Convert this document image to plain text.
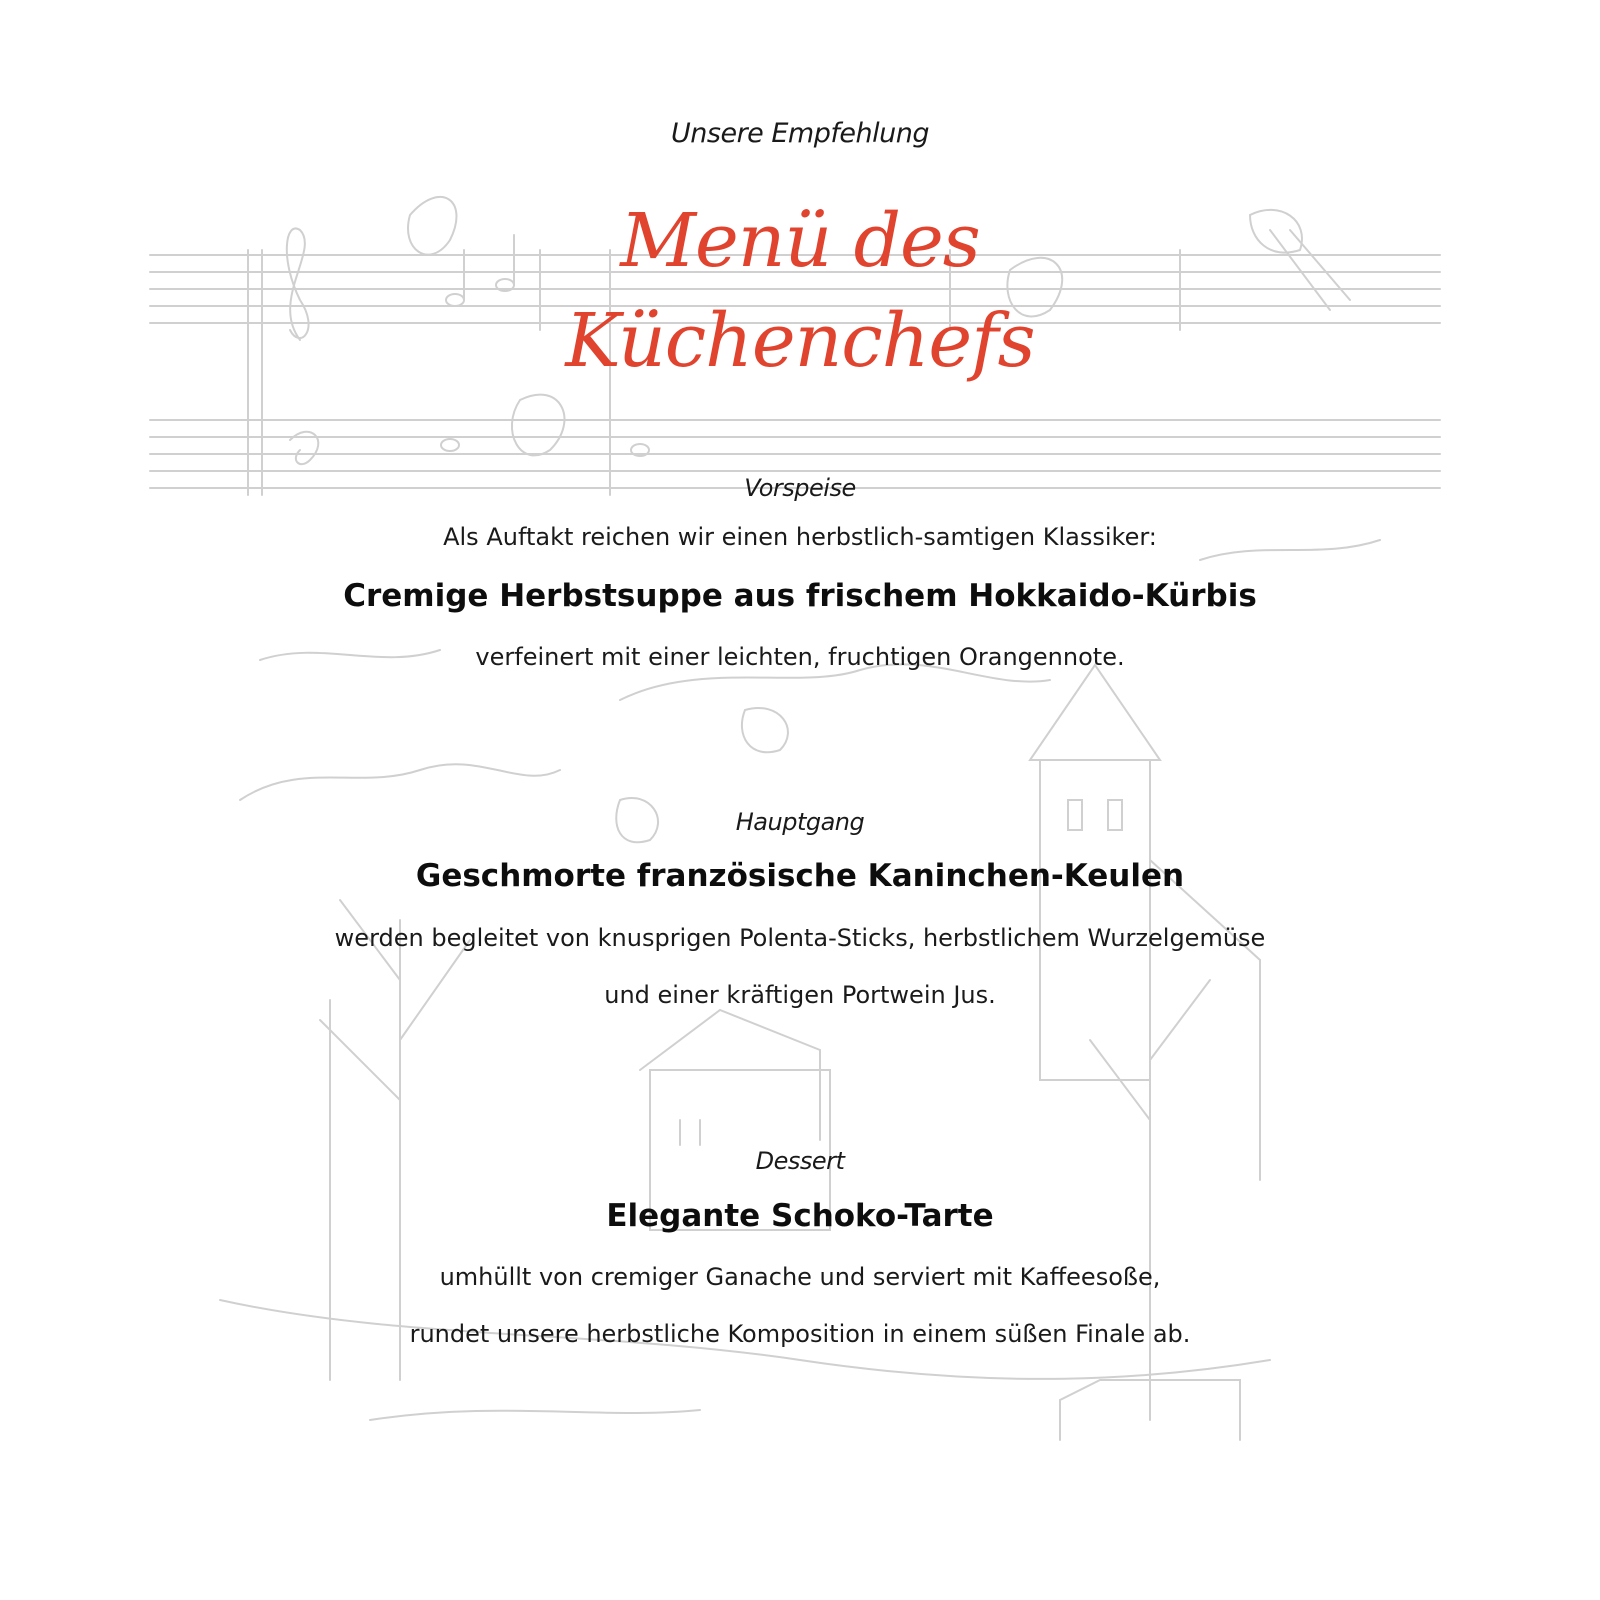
Unsere Empfehlung
Menü des
Küchenchefs
Vorspeise
Als Auftakt reichen wir einen herbstlich-samtigen Klassiker:
Cremige Herbstsuppe aus frischem Hokkaido-Kürbis
verfeinert mit einer leichten, fruchtigen Orangennote.
Hauptgang
Geschmorte französische Kaninchen-Keulen
werden begleitet von knusprigen Polenta-Sticks, herbstlichem Wurzelgemüse
und einer kräftigen Portwein Jus.
Dessert
Elegante Schoko-Tarte
umhüllt von cremiger Ganache und serviert mit Kaffeesoße,
rundet unsere herbstliche Komposition in einem süßen Finale ab.
